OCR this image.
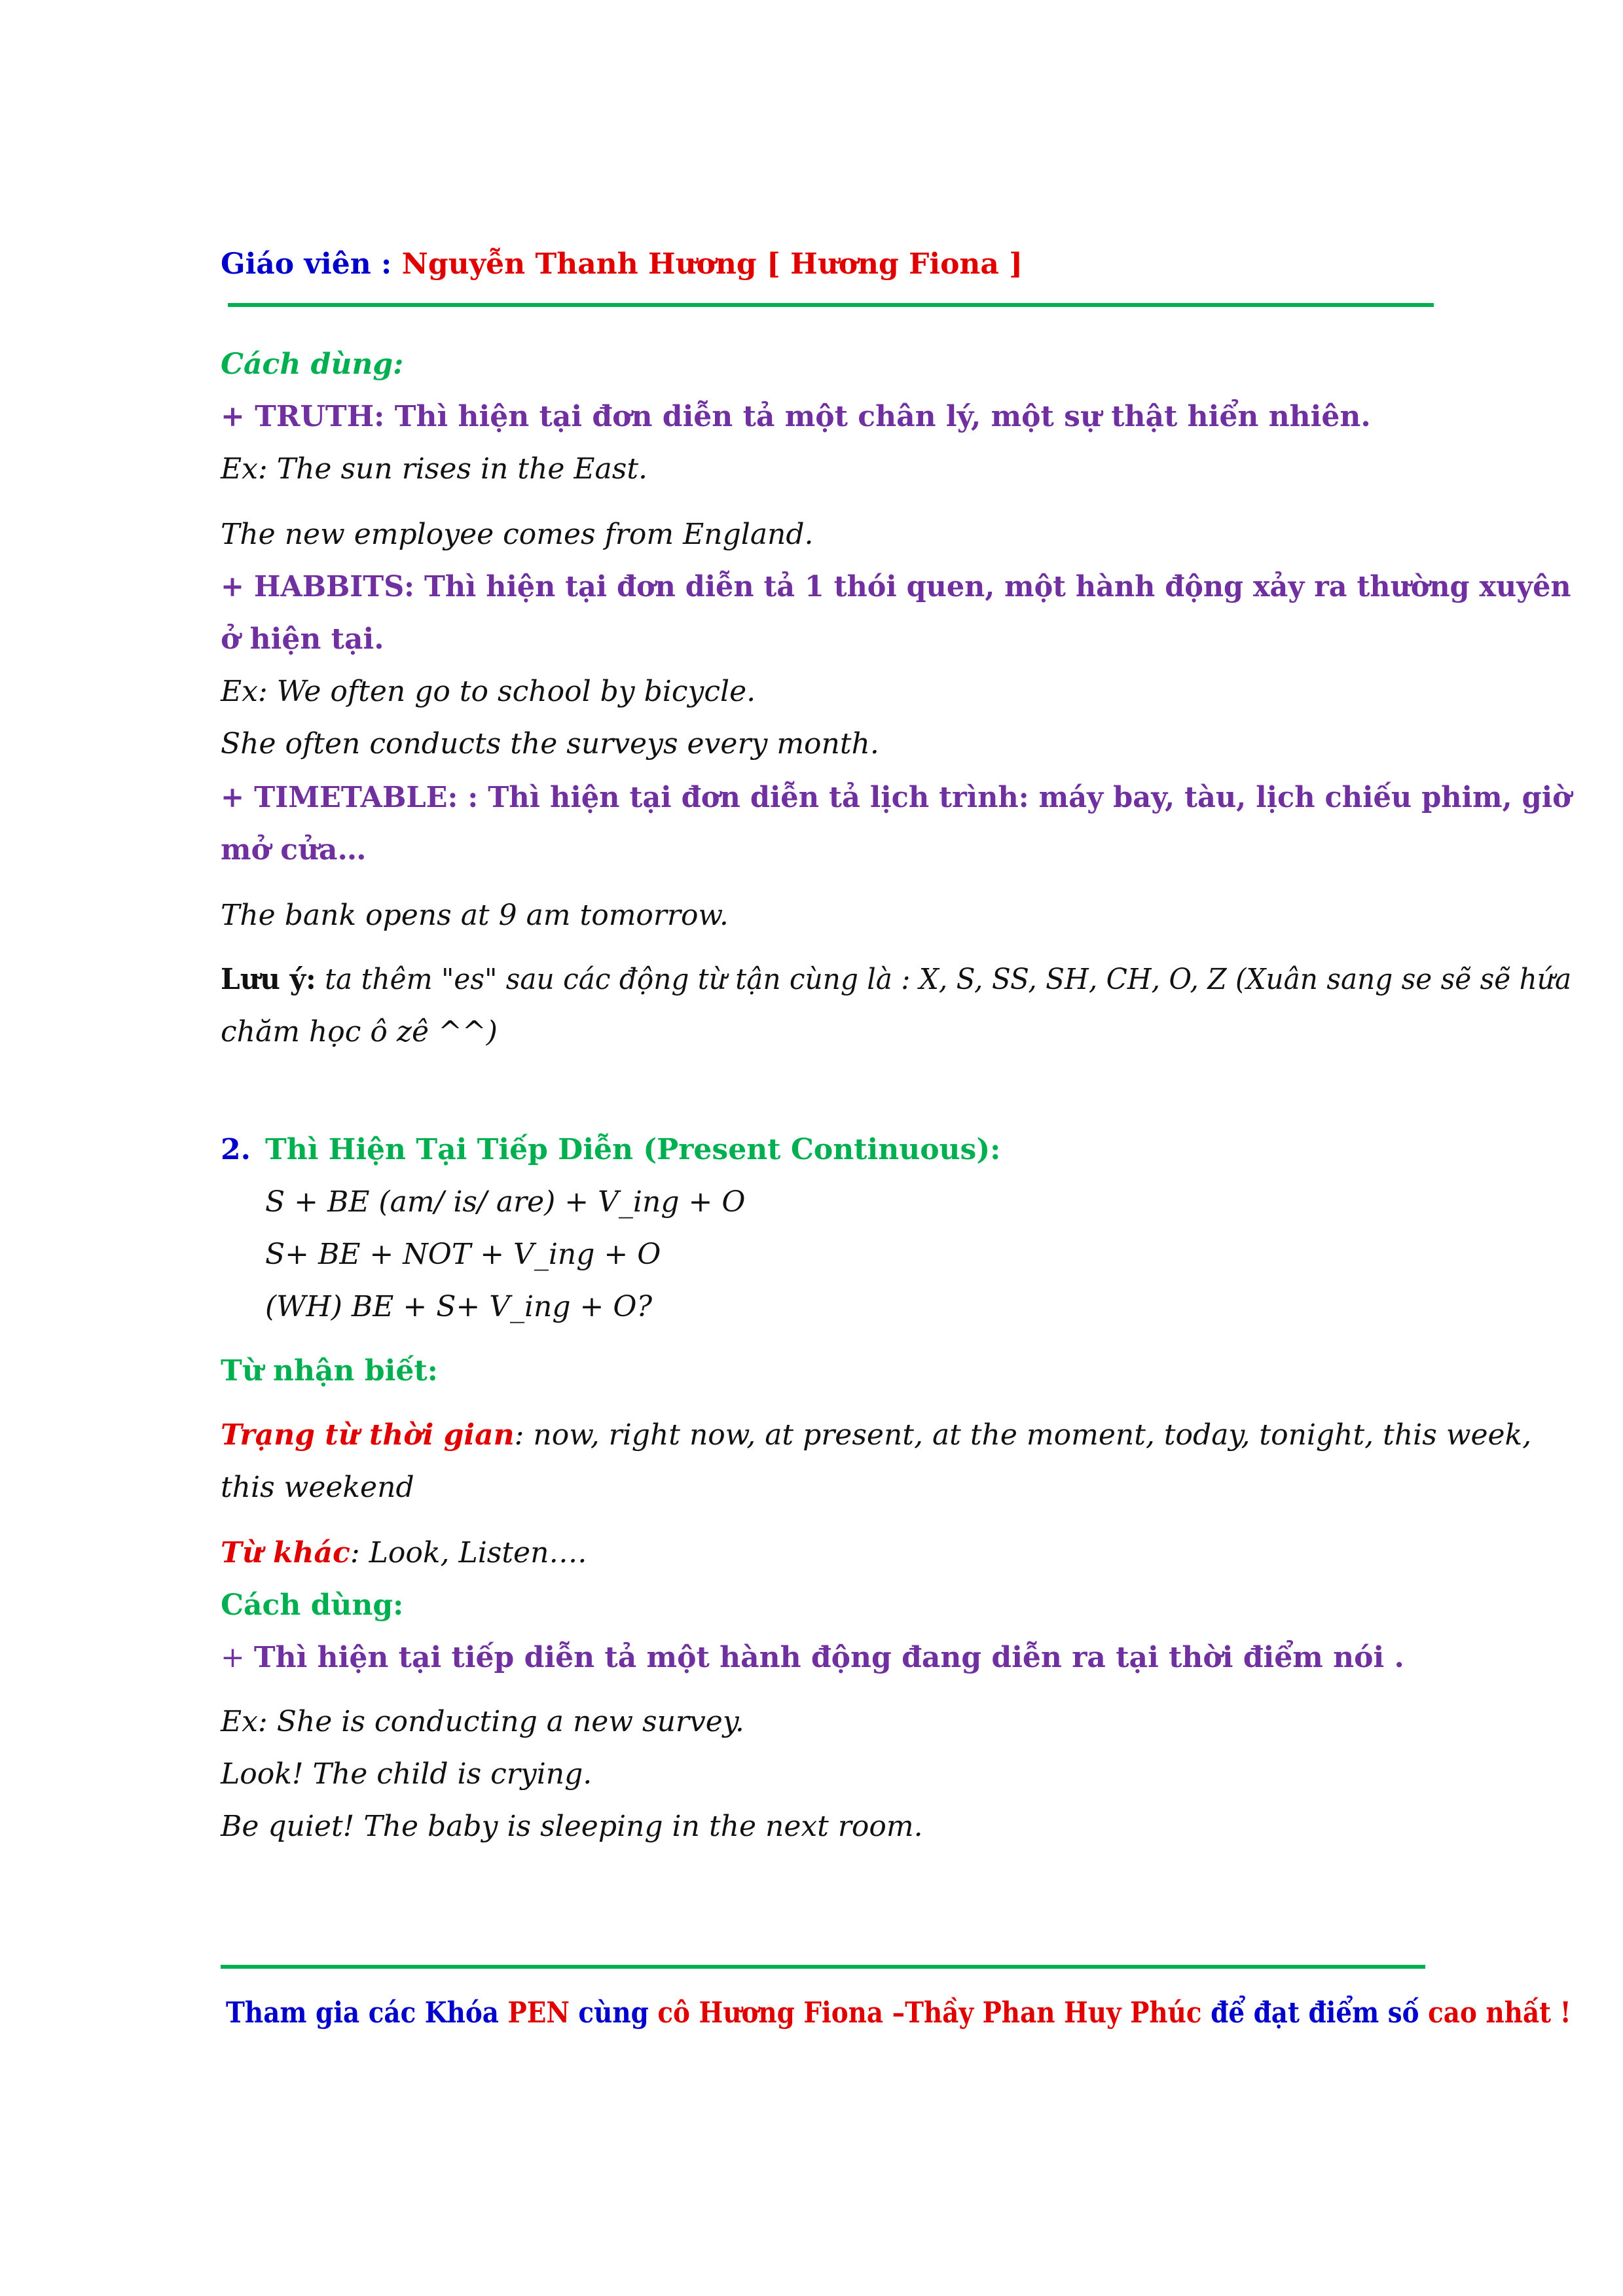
Giáo viên : Nguyễn Thanh Hương [ Hương Fiona ]
Cách dùng:
+ TRUTH: Thì hiện tại đơn diễn tả một chân lý, một sự thật hiển nhiên.
Ex: The sun rises in the East.
The new employee comes from England.
+ HABBITS: Thì hiện tại đơn diễn tả 1 thói quen, một hành động xảy ra thường xuyên
ở hiện tại.
Ex: We often go to school by bicycle.
She often conducts the surveys every month.
+ TIMETABLE: : Thì hiện tại đơn diễn tả lịch trình: máy bay, tàu, lịch chiếu phim, giờ
mở cửa…
The bank opens at 9 am tomorrow.
Lưu ý: ta thêm "es" sau các động từ tận cùng là : X, S, SS, SH, CH, O, Z (Xuân sang se sẽ sẽ hứa
chăm học ô zê ^^)
2. Thì Hiện Tại Tiếp Diễn (Present Continuous):
S + BE (am/ is/ are) + V_ing + O
S+ BE + NOT + V_ing + O
(WH) BE + S+ V_ing + O?
Từ nhận biết:
Trạng từ thời gian: now, right now, at present, at the moment, today, tonight, this week,
this weekend
Từ khác: Look, Listen….
Cách dùng:
+ Thì hiện tại tiếp diễn tả một hành động đang diễn ra tại thời điểm nói .
Ex: She is conducting a new survey.
Look! The child is crying.
Be quiet! The baby is sleeping in the next room.
Tham gia các Khóa PEN cùng cô Hương Fiona –Thầy Phan Huy Phúc để đạt điểm số cao nhất !
